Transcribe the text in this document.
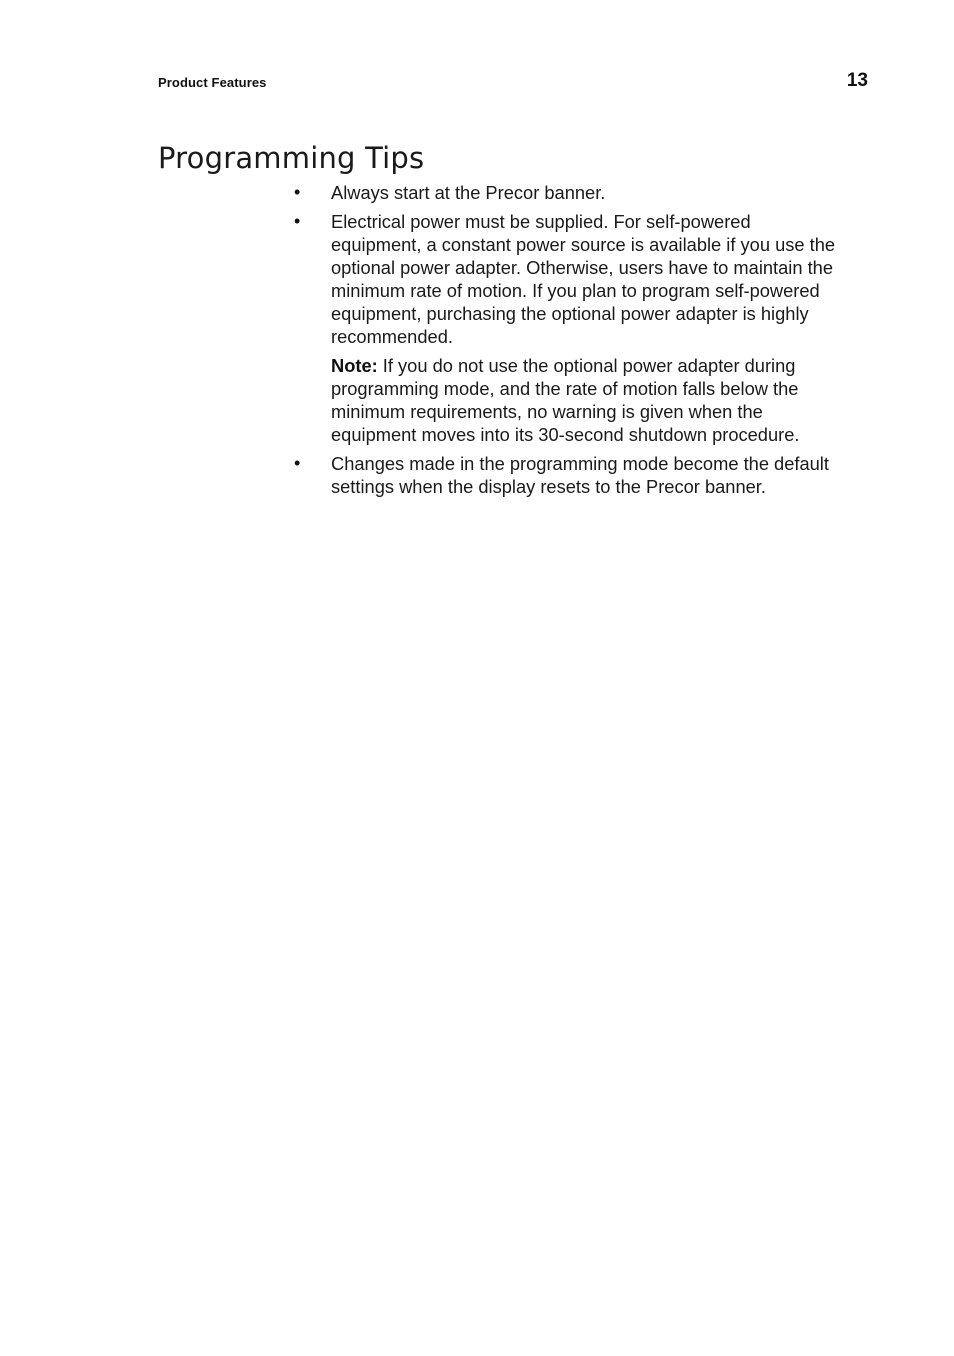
Product Features	13
Programming Tips
• Always start at the Precor banner.
• Electrical power must be supplied. For self-powered equipment, a constant power source is available if you use the optional power adapter. Otherwise, users have to maintain the minimum rate of motion. If you plan to program self-powered equipment, purchasing the optional power adapter is highly recommended.
Note: If you do not use the optional power adapter during programming mode, and the rate of motion falls below the minimum requirements, no warning is given when the equipment moves into its 30-second shutdown procedure.
• Changes made in the programming mode become the default settings when the display resets to the Precor banner.
